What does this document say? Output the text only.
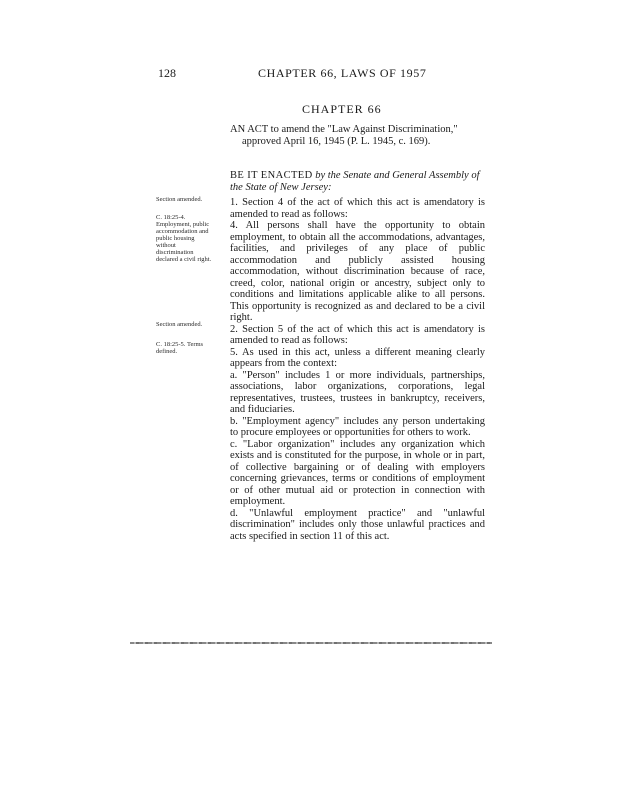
128	CHAPTER 66, LAWS OF 1957
CHAPTER 66
AN ACT to amend the "Law Against Discrimination," approved April 16, 1945 (P. L. 1945, c. 169).
BE IT ENACTED by the Senate and General Assembly of the State of New Jersey:
Section amended.
C. 18:25-4. Employment, public accommodation and public housing without discrimination declared a civil right.
Section amended.
C. 18:25-5. Terms defined.

1. Section 4 of the act of which this act is amendatory is amended to read as follows:

4. All persons shall have the opportunity to obtain employment, to obtain all the accommodations, advantages, facilities, and privileges of any place of public accommodation and publicly assisted housing accommodation, without discrimination because of race, creed, color, national origin or ancestry, subject only to conditions and limitations applicable alike to all persons. This opportunity is recognized as and declared to be a civil right.

2. Section 5 of the act of which this act is amendatory is amended to read as follows:

5. As used in this act, unless a different meaning clearly appears from the context:

a. "Person" includes 1 or more individuals, partnerships, associations, labor organizations, corporations, legal representatives, trustees, trustees in bankruptcy, receivers, and fiduciaries.

b. "Employment agency" includes any person undertaking to procure employees or opportunities for others to work.

c. "Labor organization" includes any organization which exists and is constituted for the purpose, in whole or in part, of collective bargaining or of dealing with employers concerning grievances, terms or conditions of employment or of other mutual aid or protection in connection with employment.

d. "Unlawful employment practice" and "unlawful discrimination" includes only those unlawful practices and acts specified in section 11 of this act.
